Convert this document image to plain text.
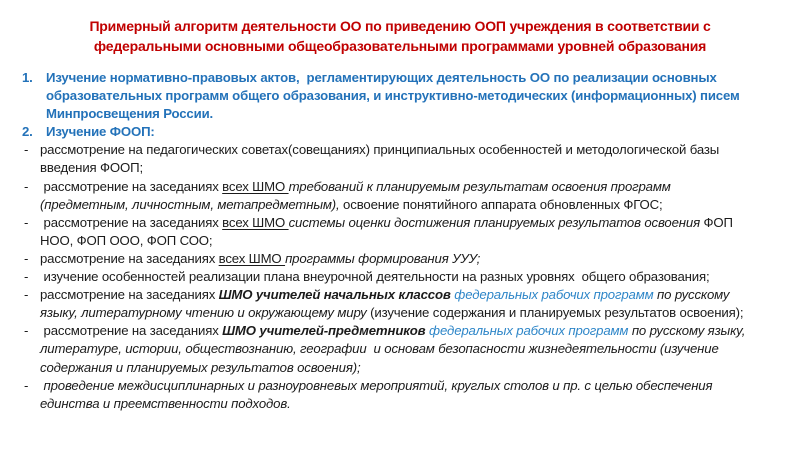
Примерный алгоритм деятельности ОО по приведению ООП учреждения в соответствии с
федеральными основными общеобразовательными программами уровней образования
1. Изучение нормативно-правовых актов,  регламентирующих деятельность ОО по реализации основных образовательных программ общего образования, и инструктивно-методических (информационных) писем Минпросвещения России.
2. Изучение ФООП:
- рассмотрение на педагогических советах(совещаниях) принципиальных особенностей и методологической базы введения ФООП;
- рассмотрение на заседаниях всех ШМО требований к планируемым результатам освоения программ (предметным, личностным, метапредметным), освоение понятийного аппарата обновленных ФГОС;
- рассмотрение на заседаниях всех ШМО системы оценки достижения планируемых результатов освоения ФОП НОО, ФОП ООО, ФОП СОО;
- рассмотрение на заседаниях всех ШМО программы формирования УУУ;
- изучение особенностей реализации плана внеурочной деятельности на разных уровнях  общего образования;
- рассмотрение на заседаниях ШМО учителей начальных классов федеральных рабочих программ по русскому языку, литературному чтению и окружающему миру (изучение содержания и планируемых результатов освоения);
- рассмотрение на заседаниях ШМО учителей-предметников федеральных рабочих программ по русскому языку, литературе, истории, обществознанию, географии  и основам безопасности жизнедеятельности (изучение содержания и планируемых результатов освоения);
- проведение междисциплинарных и разноуровневых мероприятий, круглых столов и пр. с целью обеспечения единства и преемственности подходов.
